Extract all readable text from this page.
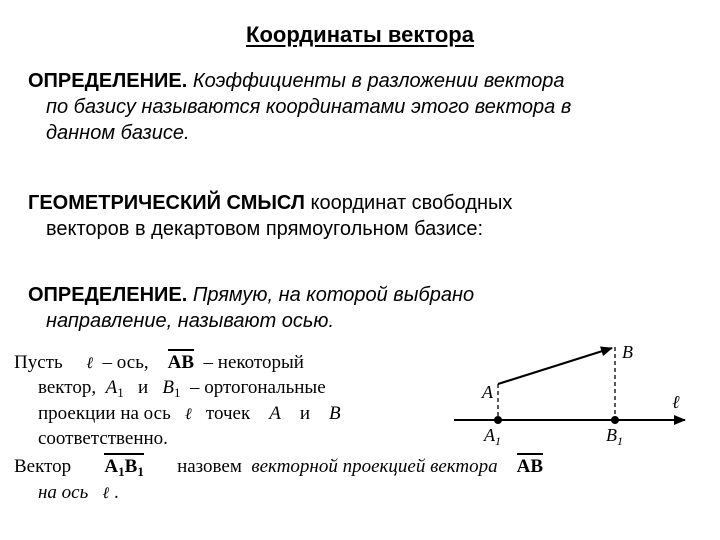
Координаты вектора
ОПРЕДЕЛЕНИЕ. Коэффициенты в разложении вектора
по базису называются координатами этого вектора в
данном базисе.
ГЕОМЕТРИЧЕСКИЙ СМЫСЛ координат свободных
векторов в декартовом прямоугольном базисе:
ОПРЕДЕЛЕНИЕ. Прямую, на которой выбрано
направление, называют осью.
Пусть ℓ – ось, AB – некоторый
вектор, $A_1$ и $B_1$ – ортогональные
проекции на ось ℓ точек A и B
соответственно.
Вектор $A_1B_1$ назовем векторной проекцией вектора AB
на ось ℓ .
A
B
$A_1$	$B_1$
ℓ
